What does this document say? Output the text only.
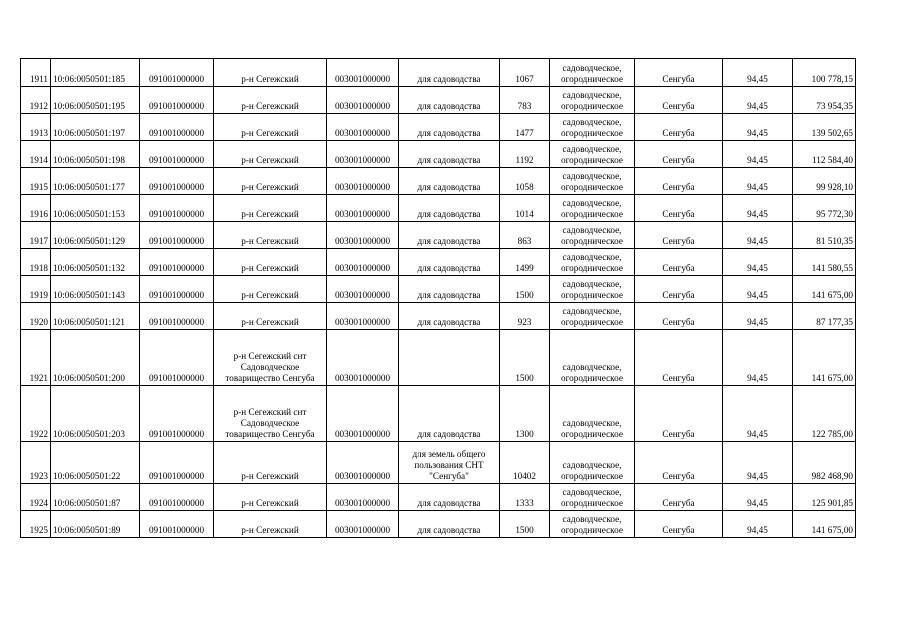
1911	10:06:0050501:185	091001000000	р-н Сегежский	003001000000	для садоводства	1067	садоводческое, огородническое	Сенгуба	94,45	100 778,15
1912	10:06:0050501:195	091001000000	р-н Сегежский	003001000000	для садоводства	783	садоводческое, огородническое	Сенгуба	94,45	73 954,35
1913	10:06:0050501:197	091001000000	р-н Сегежский	003001000000	для садоводства	1477	садоводческое, огородническое	Сенгуба	94,45	139 502,65
1914	10:06:0050501:198	091001000000	р-н Сегежский	003001000000	для садоводства	1192	садоводческое, огородническое	Сенгуба	94,45	112 584,40
1915	10:06:0050501:177	091001000000	р-н Сегежский	003001000000	для садоводства	1058	садоводческое, огородническое	Сенгуба	94,45	99 928,10
1916	10:06:0050501:153	091001000000	р-н Сегежский	003001000000	для садоводства	1014	садоводческое, огородническое	Сенгуба	94,45	95 772,30
1917	10:06:0050501:129	091001000000	р-н Сегежский	003001000000	для садоводства	863	садоводческое, огородническое	Сенгуба	94,45	81 510,35
1918	10:06:0050501:132	091001000000	р-н Сегежский	003001000000	для садоводства	1499	садоводческое, огородническое	Сенгуба	94,45	141 580,55
1919	10:06:0050501:143	091001000000	р-н Сегежский	003001000000	для садоводства	1500	садоводческое, огородническое	Сенгуба	94,45	141 675,00
1920	10:06:0050501:121	091001000000	р-н Сегежский	003001000000	для садоводства	923	садоводческое, огородническое	Сенгуба	94,45	87 177,35
1921	10:06:0050501:200	091001000000	р-н Сегежский снт Садоводческое товарищество Сенгуба	003001000000		1500	садоводческое, огородническое	Сенгуба	94,45	141 675,00
1922	10:06:0050501:203	091001000000	р-н Сегежский снт Садоводческое товарищество Сенгуба	003001000000	для садоводства	1300	садоводческое, огородническое	Сенгуба	94,45	122 785,00
1923	10:06:0050501:22	091001000000	р-н Сегежский	003001000000	для земель общего пользования СНТ "Сенгуба"	10402	садоводческое, огородническое	Сенгуба	94,45	982 468,90
1924	10:06:0050501:87	091001000000	р-н Сегежский	003001000000	для садоводства	1333	садоводческое, огородническое	Сенгуба	94,45	125 901,85
1925	10:06:0050501:89	091001000000	р-н Сегежский	003001000000	для садоводства	1500	садоводческое, огородническое	Сенгуба	94,45	141 675,00
